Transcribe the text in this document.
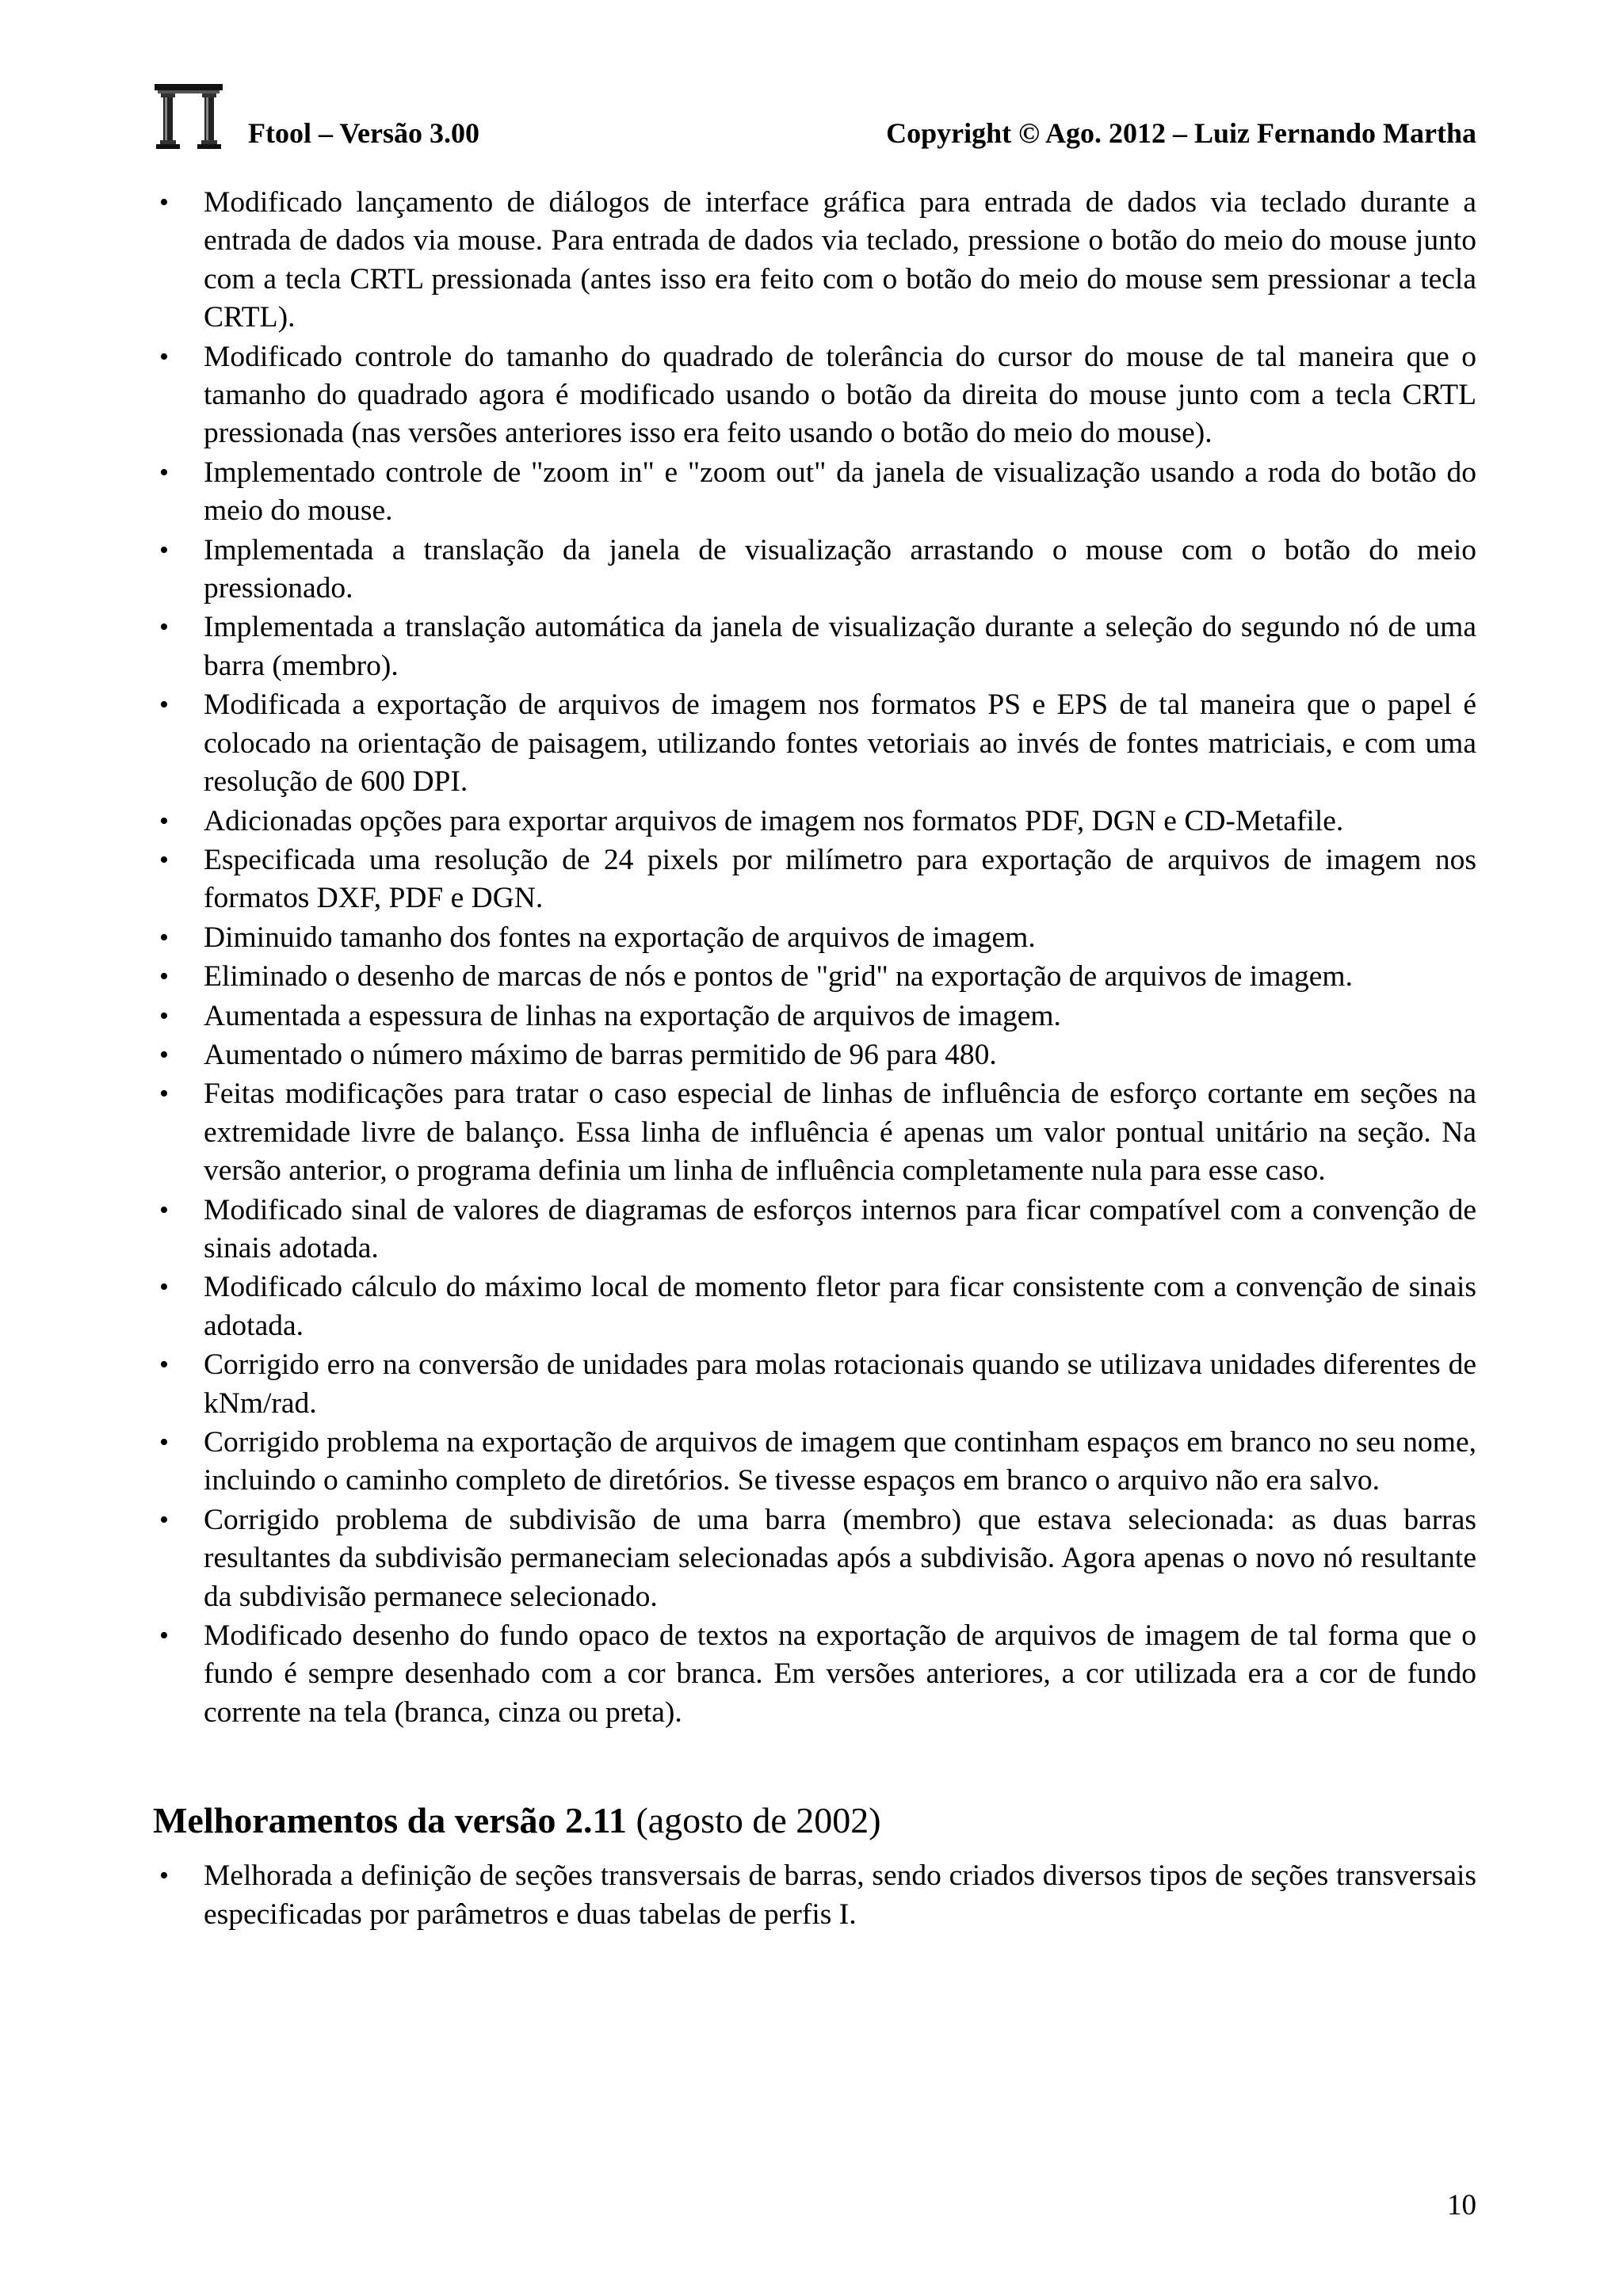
Ftool – Versão 3.00	Copyright © Ago. 2012 – Luiz Fernando Martha
• Modificado lançamento de diálogos de interface gráfica para entrada de dados via teclado durante a entrada de dados via mouse. Para entrada de dados via teclado, pressione o botão do meio do mouse junto com a tecla CRTL pressionada (antes isso era feito com o botão do meio do mouse sem pressionar a tecla CRTL).
• Modificado controle do tamanho do quadrado de tolerância do cursor do mouse de tal maneira que o tamanho do quadrado agora é modificado usando o botão da direita do mouse junto com a tecla CRTL pressionada (nas versões anteriores isso era feito usando o botão do meio do mouse).
• Implementado controle de "zoom in" e "zoom out" da janela de visualização usando a roda do botão do meio do mouse.
• Implementada a translação da janela de visualização arrastando o mouse com o botão do meio pressionado.
• Implementada a translação automática da janela de visualização durante a seleção do segundo nó de uma barra (membro).
• Modificada a exportação de arquivos de imagem nos formatos PS e EPS de tal maneira que o papel é colocado na orientação de paisagem, utilizando fontes vetoriais ao invés de fontes matriciais, e com uma resolução de 600 DPI.
• Adicionadas opções para exportar arquivos de imagem nos formatos PDF, DGN e CD-Metafile.
• Especificada uma resolução de 24 pixels por milímetro para exportação de arquivos de imagem nos formatos DXF, PDF e DGN.
• Diminuido tamanho dos fontes na exportação de arquivos de imagem.
• Eliminado o desenho de marcas de nós e pontos de "grid" na exportação de arquivos de imagem.
• Aumentada a espessura de linhas na exportação de arquivos de imagem.
• Aumentado o número máximo de barras permitido de 96 para 480.
• Feitas modificações para tratar o caso especial de linhas de influência de esforço cortante em seções na extremidade livre de balanço. Essa linha de influência é apenas um valor pontual unitário na seção. Na versão anterior, o programa definia um linha de influência completamente nula para esse caso.
• Modificado sinal de valores de diagramas de esforços internos para ficar compatível com a convenção de sinais adotada.
• Modificado cálculo do máximo local de momento fletor para ficar consistente com a convenção de sinais adotada.
• Corrigido erro na conversão de unidades para molas rotacionais quando se utilizava unidades diferentes de kNm/rad.
• Corrigido problema na exportação de arquivos de imagem que continham espaços em branco no seu nome, incluindo o caminho completo de diretórios. Se tivesse espaços em branco o arquivo não era salvo.
• Corrigido problema de subdivisão de uma barra (membro) que estava selecionada: as duas barras resultantes da subdivisão permaneciam selecionadas após a subdivisão. Agora apenas o novo nó resultante da subdivisão permanece selecionado.
• Modificado desenho do fundo opaco de textos na exportação de arquivos de imagem de tal forma que o fundo é sempre desenhado com a cor branca. Em versões anteriores, a cor utilizada era a cor de fundo corrente na tela (branca, cinza ou preta).
Melhoramentos da versão 2.11 (agosto de 2002)
• Melhorada a definição de seções transversais de barras, sendo criados diversos tipos de seções transversais especificadas por parâmetros e duas tabelas de perfis I.
10
